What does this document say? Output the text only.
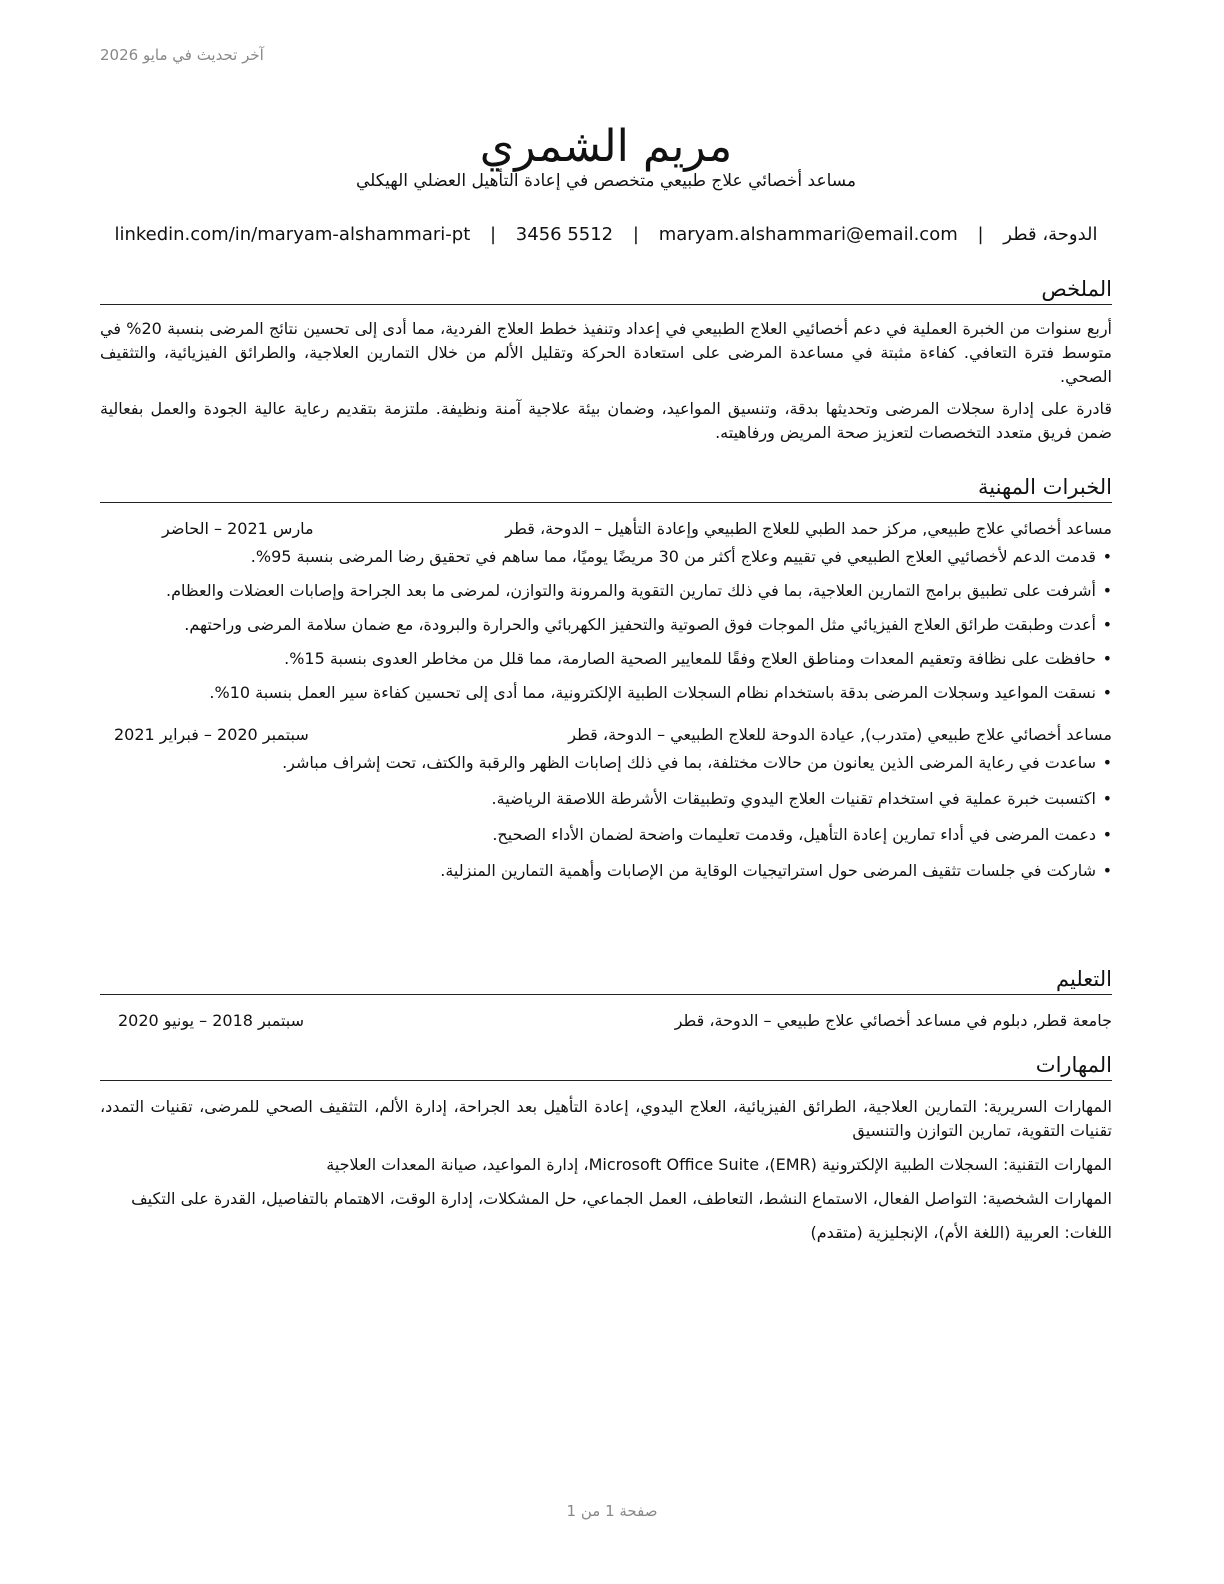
آخر تحديث في مايو 2026
مريم الشمري
مساعد أخصائي علاج طبيعي متخصص في إعادة التأهيل العضلي الهيكلي
الدوحة، قطر | maryam.alshammari@email.com | 3456 5512 | linkedin.com/in/maryam-alshammari-pt
الملخص

أربع سنوات من الخبرة العملية في دعم أخصائيي العلاج الطبيعي في إعداد وتنفيذ خطط العلاج الفردية، مما أدى إلى تحسين نتائج المرضى بنسبة 20% في متوسط فترة التعافي. كفاءة مثبتة في مساعدة المرضى على استعادة الحركة وتقليل الألم من خلال التمارين العلاجية، والطرائق الفيزيائية، والتثقيف الصحي.

قادرة على إدارة سجلات المرضى وتحديثها بدقة، وتنسيق المواعيد، وضمان بيئة علاجية آمنة ونظيفة. ملتزمة بتقديم رعاية عالية الجودة والعمل بفعالية ضمن فريق متعدد التخصصات لتعزيز صحة المريض ورفاهيته.

الخبرات المهنية
مساعد أخصائي علاج طبيعي, مركز حمد الطبي للعلاج الطبيعي وإعادة التأهيل – الدوحة، قطر
مارس 2021 – الحاضر
• قدمت الدعم لأخصائيي العلاج الطبيعي في تقييم وعلاج أكثر من 30 مريضًا يوميًا، مما ساهم في تحقيق رضا المرضى بنسبة 95%.
• أشرفت على تطبيق برامج التمارين العلاجية، بما في ذلك تمارين التقوية والمرونة والتوازن، لمرضى ما بعد الجراحة وإصابات العضلات والعظام.
• أعدت وطبقت طرائق العلاج الفيزيائي مثل الموجات فوق الصوتية والتحفيز الكهربائي والحرارة والبرودة، مع ضمان سلامة المرضى وراحتهم.
• حافظت على نظافة وتعقيم المعدات ومناطق العلاج وفقًا للمعايير الصحية الصارمة، مما قلل من مخاطر العدوى بنسبة 15%.
• نسقت المواعيد وسجلات المرضى بدقة باستخدام نظام السجلات الطبية الإلكترونية، مما أدى إلى تحسين كفاءة سير العمل بنسبة 10%.
مساعد أخصائي علاج طبيعي (متدرب), عيادة الدوحة للعلاج الطبيعي – الدوحة، قطر
سبتمبر 2020 – فبراير 2021
• ساعدت في رعاية المرضى الذين يعانون من حالات مختلفة، بما في ذلك إصابات الظهر والرقبة والكتف، تحت إشراف مباشر.
• اكتسبت خبرة عملية في استخدام تقنيات العلاج اليدوي وتطبيقات الأشرطة اللاصقة الرياضية.
• دعمت المرضى في أداء تمارين إعادة التأهيل، وقدمت تعليمات واضحة لضمان الأداء الصحيح.
• شاركت في جلسات تثقيف المرضى حول استراتيجيات الوقاية من الإصابات وأهمية التمارين المنزلية.
التعليم
جامعة قطر, دبلوم في مساعد أخصائي علاج طبيعي – الدوحة، قطر
سبتمبر 2018 – يونيو 2020
المهارات

المهارات السريرية: التمارين العلاجية، الطرائق الفيزيائية، العلاج اليدوي، إعادة التأهيل بعد الجراحة، إدارة الألم، التثقيف الصحي للمرضى، تقنيات التمدد، تقنيات التقوية، تمارين التوازن والتنسيق

المهارات التقنية: السجلات الطبية الإلكترونية (EMR)، Microsoft Office Suite، إدارة المواعيد، صيانة المعدات العلاجية

المهارات الشخصية: التواصل الفعال، الاستماع النشط، التعاطف، العمل الجماعي، حل المشكلات، إدارة الوقت، الاهتمام بالتفاصيل، القدرة على التكيف

اللغات: العربية (اللغة الأم)، الإنجليزية (متقدم)

صفحة 1 من 1
